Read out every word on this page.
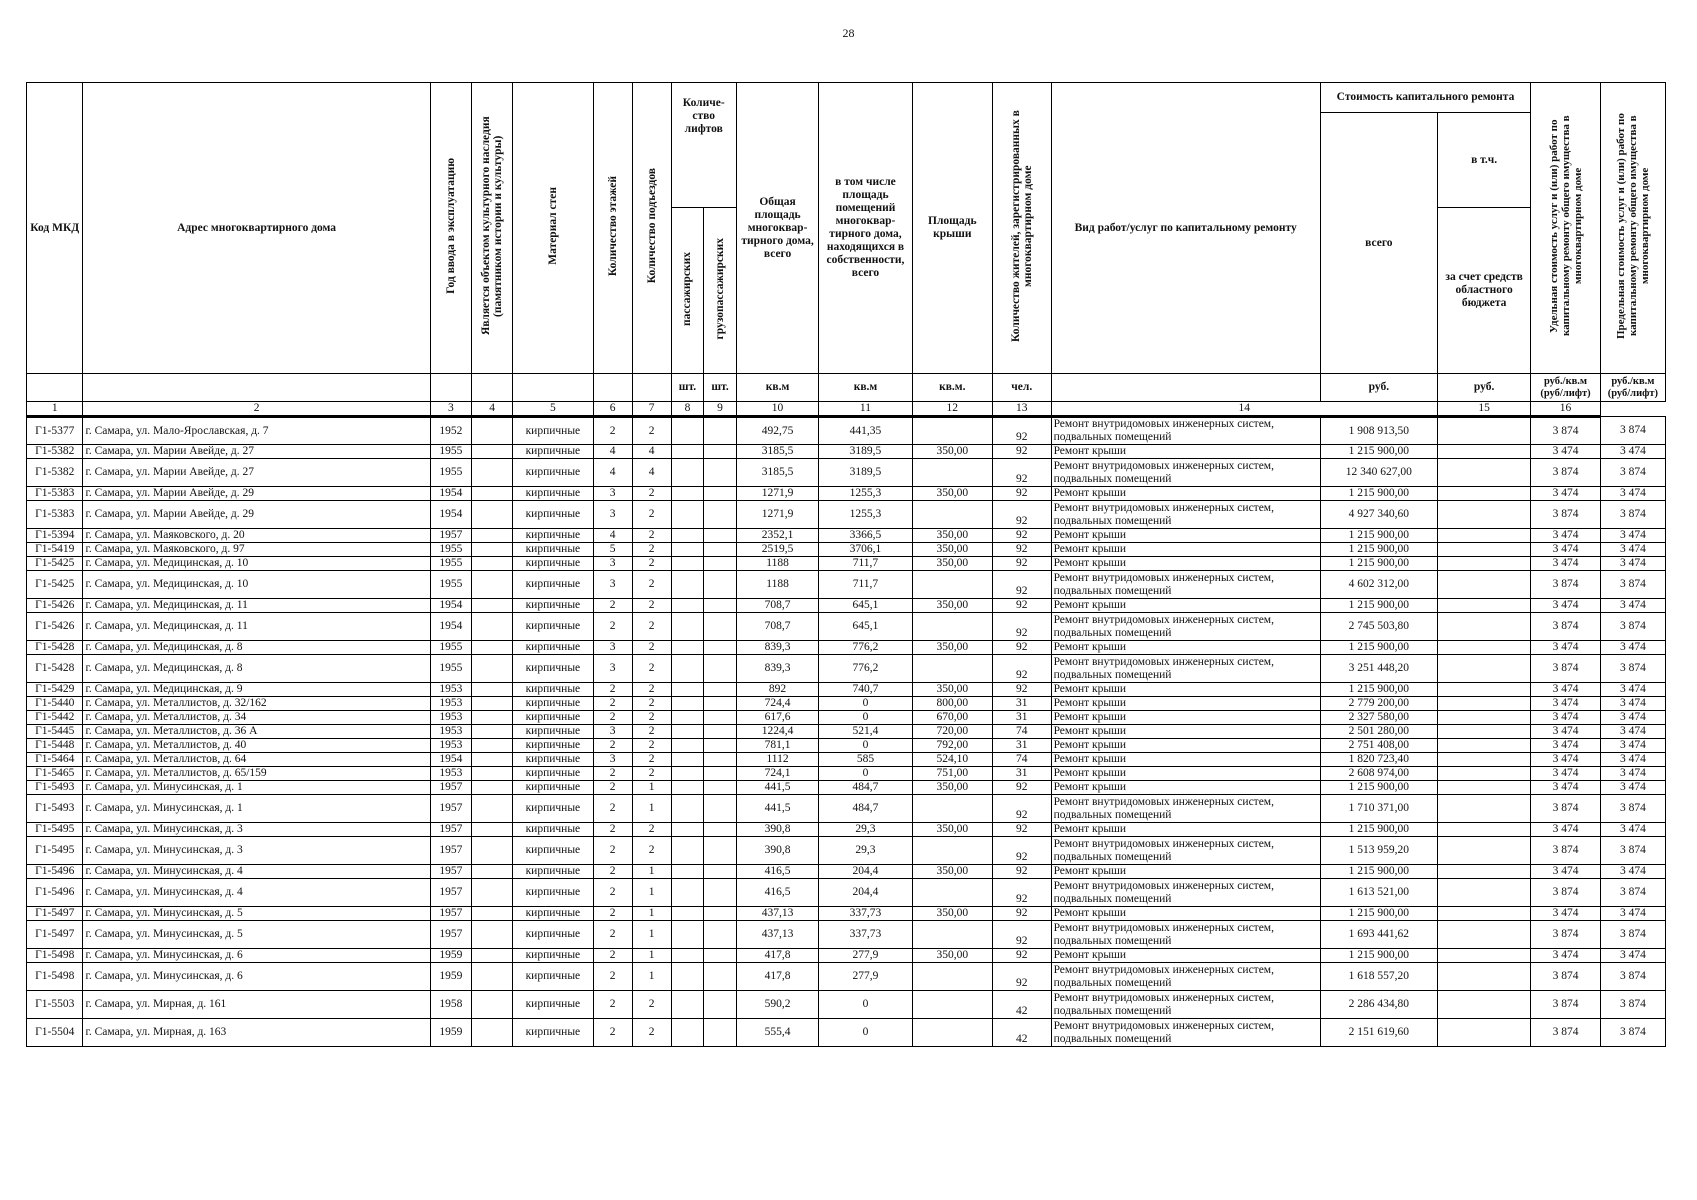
28
Код МКД	Адрес многоквартирного дома	Год ввода в эксплуатацию	Является объектом культурного наследия (памятником истории и культуры)	Материал стен	Количество этажей	Количество подъездов	Количе-ство лифтов		Общая площадь многоквар-тирного дома, всего	в том числе площадь помещений многоквар-тирного дома, находящихся в собственности, всего	Площадь крыши	Количество жителей, зарегистрированных в многоквартирном доме	Вид работ/услуг по капитальному ремонту	Стоимость капитального ремонта		Удельная стоимость услуг и (или) работ по капитальному ремонту общего имущества в многоквартирном доме	Предельная стоимость услуг и (или) работ по капитальному ремонту общего имущества в многоквартирном доме
														всего	в т.ч.		
							пассажирских	грузопассажирских							за счет средств областного бюджета		
							шт.	шт.	кв.м	кв.м	кв.м.	чел.		руб.	руб.	руб./кв.м (руб/лифт)	руб./кв.м (руб/лифт)
1	2	3	4	5	6	7	8	9	10	11	12	13	14		15	16	
Г1-5377	г. Самара, ул. Мало-Ярославская, д. 7	1952		кирпичные	2	2			492,75	441,35		92	Ремонт внутридомовых инженерных систем, подвальных помещений	1 908 913,50		3 874	3 874
Г1-5382	г. Самара, ул. Марии Авейде, д. 27	1955		кирпичные	4	4			3185,5	3189,5	350,00	92	Ремонт крыши	1 215 900,00		3 474	3 474
Г1-5382	г. Самара, ул. Марии Авейде, д. 27	1955		кирпичные	4	4			3185,5	3189,5		92	Ремонт внутридомовых инженерных систем, подвальных помещений	12 340 627,00		3 874	3 874
Г1-5383	г. Самара, ул. Марии Авейде, д. 29	1954		кирпичные	3	2			1271,9	1255,3	350,00	92	Ремонт крыши	1 215 900,00		3 474	3 474
Г1-5383	г. Самара, ул. Марии Авейде, д. 29	1954		кирпичные	3	2			1271,9	1255,3		92	Ремонт внутридомовых инженерных систем, подвальных помещений	4 927 340,60		3 874	3 874
Г1-5394	г. Самара, ул. Маяковского, д. 20	1957		кирпичные	4	2			2352,1	3366,5	350,00	92	Ремонт крыши	1 215 900,00		3 474	3 474
Г1-5419	г. Самара, ул. Маяковского, д. 97	1955		кирпичные	5	2			2519,5	3706,1	350,00	92	Ремонт крыши	1 215 900,00		3 474	3 474
Г1-5425	г. Самара, ул. Медицинская, д. 10	1955		кирпичные	3	2			1188	711,7	350,00	92	Ремонт крыши	1 215 900,00		3 474	3 474
Г1-5425	г. Самара, ул. Медицинская, д. 10	1955		кирпичные	3	2			1188	711,7		92	Ремонт внутридомовых инженерных систем, подвальных помещений	4 602 312,00		3 874	3 874
Г1-5426	г. Самара, ул. Медицинская, д. 11	1954		кирпичные	2	2			708,7	645,1	350,00	92	Ремонт крыши	1 215 900,00		3 474	3 474
Г1-5426	г. Самара, ул. Медицинская, д. 11	1954		кирпичные	2	2			708,7	645,1		92	Ремонт внутридомовых инженерных систем, подвальных помещений	2 745 503,80		3 874	3 874
Г1-5428	г. Самара, ул. Медицинская, д. 8	1955		кирпичные	3	2			839,3	776,2	350,00	92	Ремонт крыши	1 215 900,00		3 474	3 474
Г1-5428	г. Самара, ул. Медицинская, д. 8	1955		кирпичные	3	2			839,3	776,2		92	Ремонт внутридомовых инженерных систем, подвальных помещений	3 251 448,20		3 874	3 874
Г1-5429	г. Самара, ул. Медицинская, д. 9	1953		кирпичные	2	2			892	740,7	350,00	92	Ремонт крыши	1 215 900,00		3 474	3 474
Г1-5440	г. Самара, ул. Металлистов, д. 32/162	1953		кирпичные	2	2			724,4	0	800,00	31	Ремонт крыши	2 779 200,00		3 474	3 474
Г1-5442	г. Самара, ул. Металлистов, д. 34	1953		кирпичные	2	2			617,6	0	670,00	31	Ремонт крыши	2 327 580,00		3 474	3 474
Г1-5445	г. Самара, ул. Металлистов, д. 36 А	1953		кирпичные	3	2			1224,4	521,4	720,00	74	Ремонт крыши	2 501 280,00		3 474	3 474
Г1-5448	г. Самара, ул. Металлистов, д. 40	1953		кирпичные	2	2			781,1	0	792,00	31	Ремонт крыши	2 751 408,00		3 474	3 474
Г1-5464	г. Самара, ул. Металлистов, д. 64	1954		кирпичные	3	2			1112	585	524,10	74	Ремонт крыши	1 820 723,40		3 474	3 474
Г1-5465	г. Самара, ул. Металлистов, д. 65/159	1953		кирпичные	2	2			724,1	0	751,00	31	Ремонт крыши	2 608 974,00		3 474	3 474
Г1-5493	г. Самара, ул. Минусинская, д. 1	1957		кирпичные	2	1			441,5	484,7	350,00	92	Ремонт крыши	1 215 900,00		3 474	3 474
Г1-5493	г. Самара, ул. Минусинская, д. 1	1957		кирпичные	2	1			441,5	484,7		92	Ремонт внутридомовых инженерных систем, подвальных помещений	1 710 371,00		3 874	3 874
Г1-5495	г. Самара, ул. Минусинская, д. 3	1957		кирпичные	2	2			390,8	29,3	350,00	92	Ремонт крыши	1 215 900,00		3 474	3 474
Г1-5495	г. Самара, ул. Минусинская, д. 3	1957		кирпичные	2	2			390,8	29,3		92	Ремонт внутридомовых инженерных систем, подвальных помещений	1 513 959,20		3 874	3 874
Г1-5496	г. Самара, ул. Минусинская, д. 4	1957		кирпичные	2	1			416,5	204,4	350,00	92	Ремонт крыши	1 215 900,00		3 474	3 474
Г1-5496	г. Самара, ул. Минусинская, д. 4	1957		кирпичные	2	1			416,5	204,4		92	Ремонт внутридомовых инженерных систем, подвальных помещений	1 613 521,00		3 874	3 874
Г1-5497	г. Самара, ул. Минусинская, д. 5	1957		кирпичные	2	1			437,13	337,73	350,00	92	Ремонт крыши	1 215 900,00		3 474	3 474
Г1-5497	г. Самара, ул. Минусинская, д. 5	1957		кирпичные	2	1			437,13	337,73		92	Ремонт внутридомовых инженерных систем, подвальных помещений	1 693 441,62		3 874	3 874
Г1-5498	г. Самара, ул. Минусинская, д. 6	1959		кирпичные	2	1			417,8	277,9	350,00	92	Ремонт крыши	1 215 900,00		3 474	3 474
Г1-5498	г. Самара, ул. Минусинская, д. 6	1959		кирпичные	2	1			417,8	277,9		92	Ремонт внутридомовых инженерных систем, подвальных помещений	1 618 557,20		3 874	3 874
Г1-5503	г. Самара, ул. Мирная, д. 161	1958		кирпичные	2	2			590,2	0		42	Ремонт внутридомовых инженерных систем, подвальных помещений	2 286 434,80		3 874	3 874
Г1-5504	г. Самара, ул. Мирная, д. 163	1959		кирпичные	2	2			555,4	0		42	Ремонт внутридомовых инженерных систем, подвальных помещений	2 151 619,60		3 874	3 874
